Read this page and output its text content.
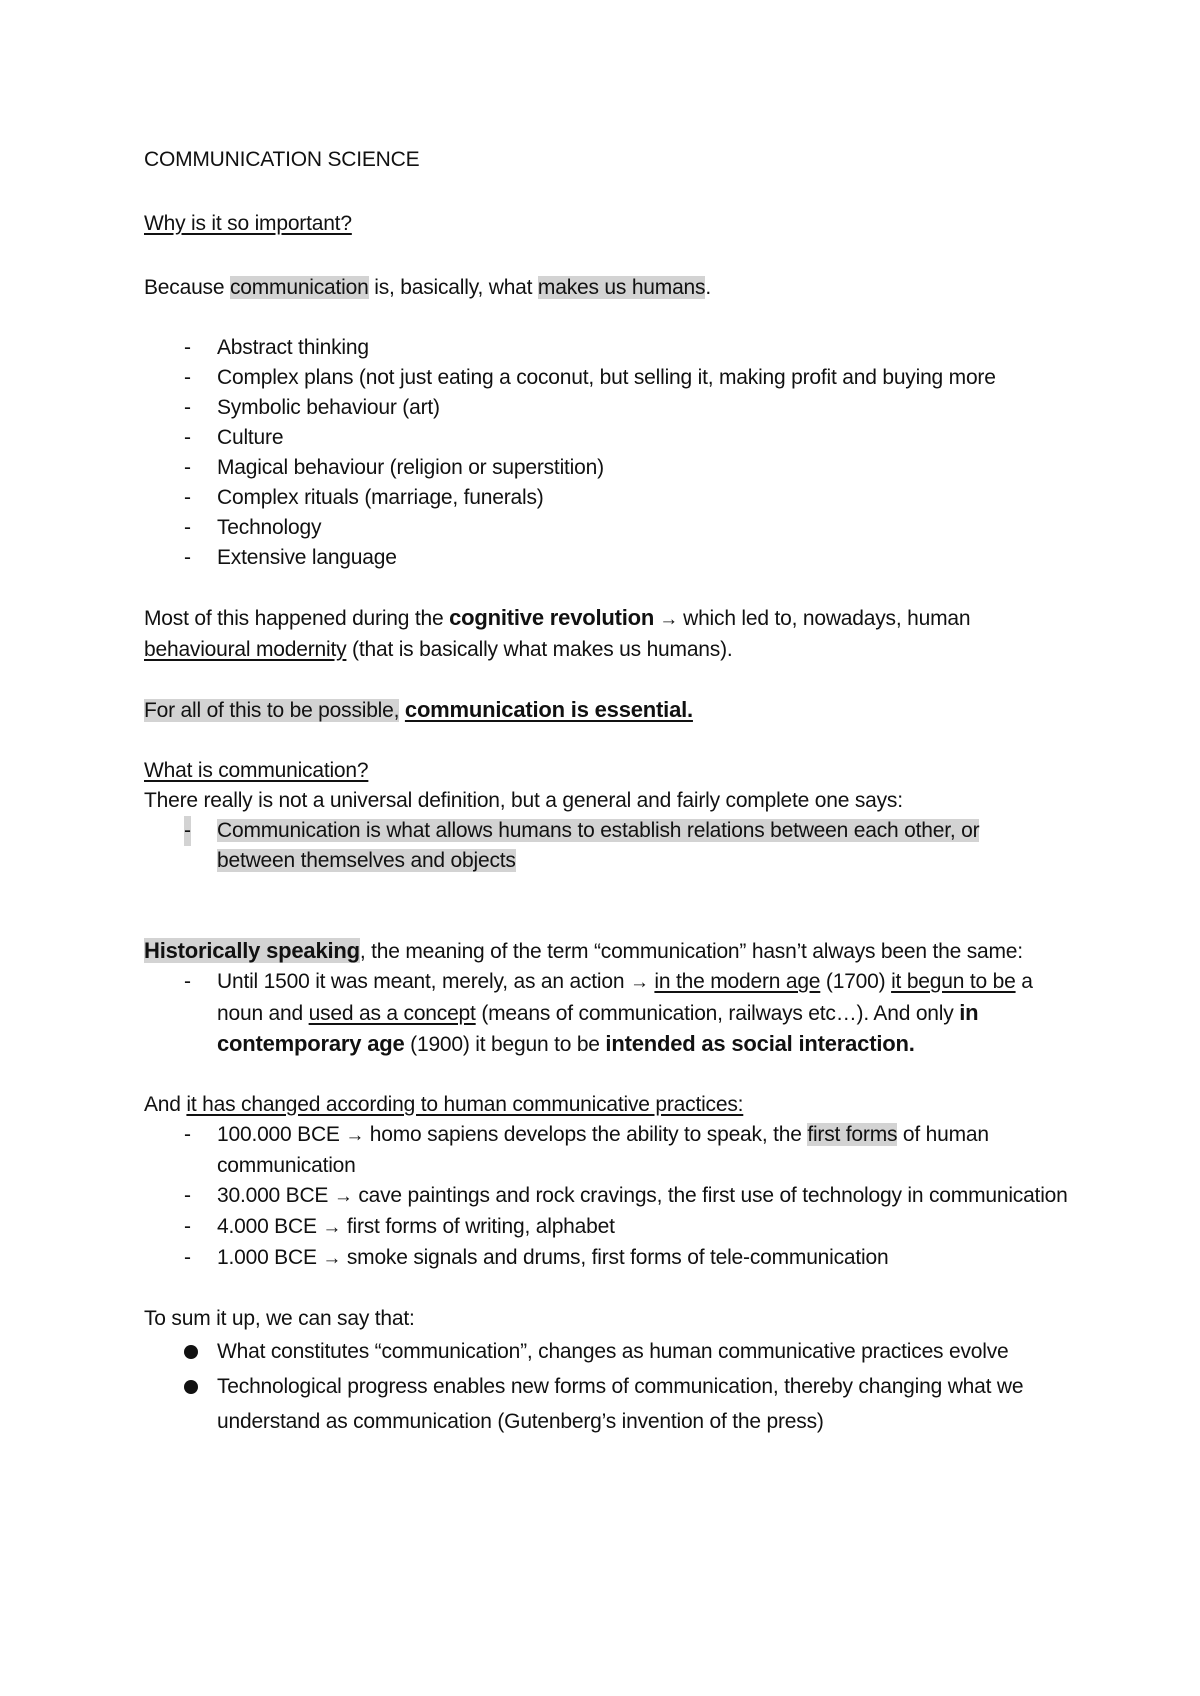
COMMUNICATION SCIENCE

Why is it so important?

Because communication is, basically, what makes us humans.

- Abstract thinking
- Complex plans (not just eating a coconut, but selling it, making profit and buying more
- Symbolic behaviour (art)
- Culture
- Magical behaviour (religion or superstition)
- Complex rituals (marriage, funerals)
- Technology
- Extensive language

Most of this happened during the cognitive revolution → which led to, nowadays, human behavioural modernity (that is basically what makes us humans).

For all of this to be possible, communication is essential.

What is communication?

There really is not a universal definition, but a general and fairly complete one says:

- Communication is what allows humans to establish relations between each other, or
between themselves and objects

Historically speaking, the meaning of the term “communication” hasn’t always been the same:

- Until 1500 it was meant, merely, as an action → in the modern age (1700) it begun to be a noun and used as a concept (means of communication, railways etc…). And only in contemporary age (1900) it begun to be intended as social interaction.

And it has changed according to human communicative practices:

- 100.000 BCE → homo sapiens develops the ability to speak, the first forms of human communication
- 30.000 BCE → cave paintings and rock cravings, the first use of technology in communication
- 4.000 BCE → first forms of writing, alphabet
- 1.000 BCE → smoke signals and drums, first forms of tele-communication

To sum it up, we can say that:

What constitutes “communication”, changes as human communicative practices evolve
Technological progress enables new forms of communication, thereby changing what we understand as communication (Gutenberg’s invention of the press)
